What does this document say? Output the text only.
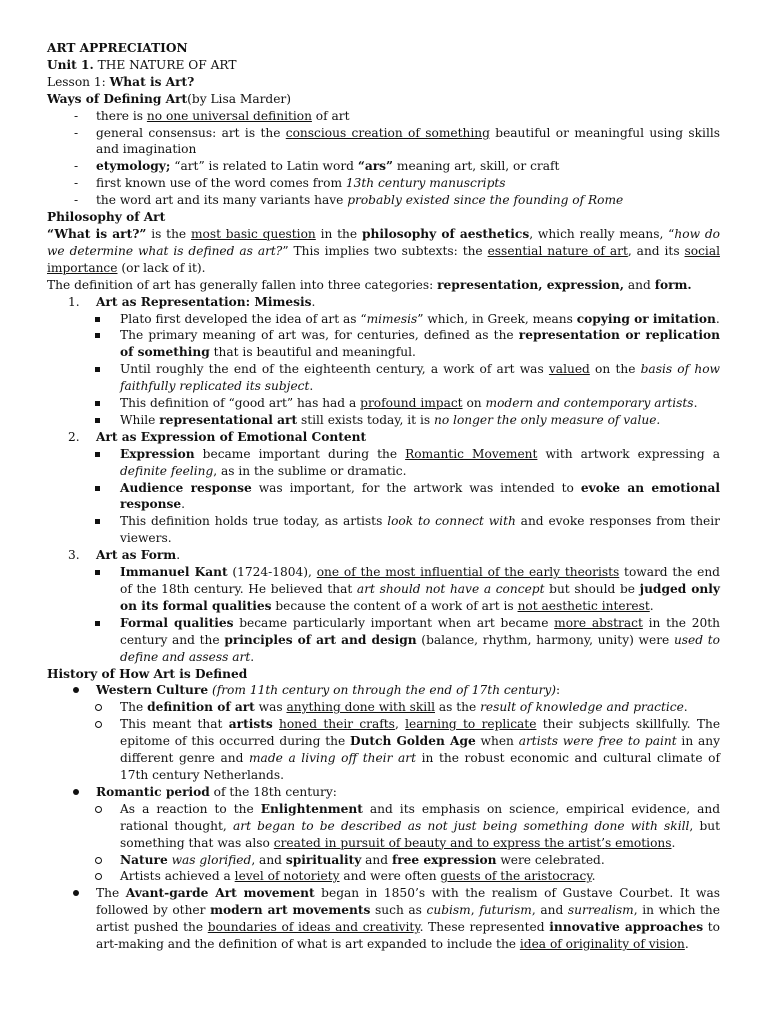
ART APPRECIATION

Unit 1. THE NATURE OF ART

Lesson 1: What is Art?

Ways of Defining Art(by Lisa Marder)

- there is no one universal definition of art
- general consensus: art is the conscious creation of something beautiful or meaningful using skills and imagination
- etymology; “art” is related to Latin word “ars” meaning art, skill, or craft
- first known use of the word comes from 13th century manuscripts
- the word art and its many variants have probably existed since the founding of Rome

Philosophy of Art

“What is art?” is the most basic question in the philosophy of aesthetics, which really means, “how do we determine what is defined as art?” This implies two subtexts: the essential nature of art, and its social importance (or lack of it).

The definition of art has generally fallen into three categories: representation, expression, and form.

1. Art as Representation: Mimesis.
Plato first developed the idea of art as “mimesis” which, in Greek, means copying or imitation.
The primary meaning of art was, for centuries, defined as the representation or replication of something that is beautiful and meaningful.
Until roughly the end of the eighteenth century, a work of art was valued on the basis of how faithfully replicated its subject.
This definition of “good art” has had a profound impact on modern and contemporary artists.
While representational art still exists today, it is no longer the only measure of value.
2. Art as Expression of Emotional Content
Expression became important during the Romantic Movement with artwork expressing a definite feeling, as in the sublime or dramatic.
Audience response was important, for the artwork was intended to evoke an emotional response.
This definition holds true today, as artists look to connect with and evoke responses from their viewers.
3. Art as Form.
Immanuel Kant (1724-1804), one of the most influential of the early theorists toward the end of the 18th century. He believed that art should not have a concept but should be judged only on its formal qualities because the content of a work of art is not aesthetic interest.
Formal qualities became particularly important when art became more abstract in the 20th century and the principles of art and design (balance, rhythm, harmony, unity) were used to define and assess art.

History of How Art is Defined

Western Culture (from 11th century on through the end of 17th century):
The definition of art was anything done with skill as the result of knowledge and practice.
This meant that artists honed their crafts, learning to replicate their subjects skillfully. The epitome of this occurred during the Dutch Golden Age when artists were free to paint in any different genre and made a living off their art in the robust economic and cultural climate of 17th century Netherlands.
Romantic period of the 18th century:
As a reaction to the Enlightenment and its emphasis on science, empirical evidence, and rational thought, art began to be described as not just being something done with skill, but something that was also created in pursuit of beauty and to express the artist’s emotions.
Nature was glorified, and spirituality and free expression were celebrated.
Artists achieved a level of notoriety and were often guests of the aristocracy.
The Avant-garde Art movement began in 1850’s with the realism of Gustave Courbet. It was followed by other modern art movements such as cubism, futurism, and surrealism, in which the artist pushed the boundaries of ideas and creativity. These represented innovative approaches to art-making and the definition of what is art expanded to include the idea of originality of vision.
